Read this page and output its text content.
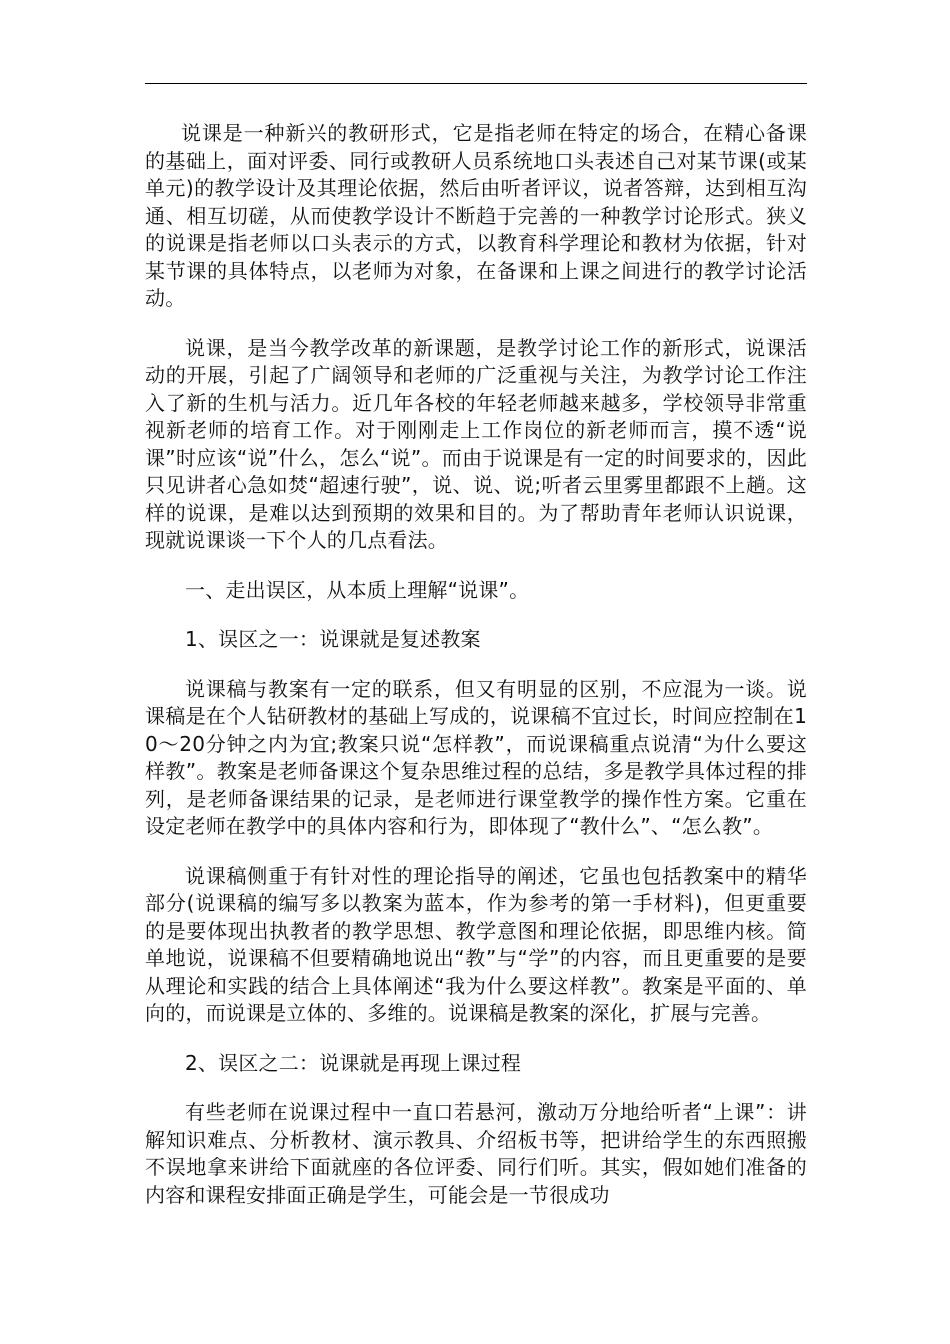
说课是一种新兴的教研形式，它是指老师在特定的场合，在精心备课的基础上，面对评委、同行或教研人员系统地口头表述自己对某节课(或某单元)的教学设计及其理论依据，然后由听者评议，说者答辩，达到相互沟通、相互切磋，从而使教学设计不断趋于完善的一种教学讨论形式。狭义的说课是指老师以口头表示的方式，以教育科学理论和教材为依据，针对某节课的具体特点，以老师为对象，在备课和上课之间进行的教学讨论活动。

说课，是当今教学改革的新课题，是教学讨论工作的新形式，说课活动的开展，引起了广阔领导和老师的广泛重视与关注，为教学讨论工作注入了新的生机与活力。近几年各校的年轻老师越来越多，学校领导非常重视新老师的培育工作。对于刚刚走上工作岗位的新老师而言，摸不透“说课”时应该“说”什么，怎么“说”。而由于说课是有一定的时间要求的，因此只见讲者心急如焚“超速行驶”，说、说、说;听者云里雾里都跟不上趟。这样的说课，是难以达到预期的效果和目的。为了帮助青年老师认识说课，现就说课谈一下个人的几点看法。

一、走出误区，从本质上理解“说课”。

1、误区之一：说课就是复述教案

说课稿与教案有一定的联系，但又有明显的区别，不应混为一谈。说课稿是在个人钻研教材的基础上写成的，说课稿不宜过长，时间应控制在10～20分钟之内为宜;教案只说“怎样教”，而说课稿重点说清“为什么要这样教”。教案是老师备课这个复杂思维过程的总结，多是教学具体过程的排列，是老师备课结果的记录，是老师进行课堂教学的操作性方案。它重在设定老师在教学中的具体内容和行为，即体现了“教什么”、“怎么教”。

说课稿侧重于有针对性的理论指导的阐述，它虽也包括教案中的精华部分(说课稿的编写多以教案为蓝本，作为参考的第一手材料)，但更重要的是要体现出执教者的教学思想、教学意图和理论依据，即思维内核。简单地说，说课稿不但要精确地说出“教”与“学”的内容，而且更重要的是要从理论和实践的结合上具体阐述“我为什么要这样教”。教案是平面的、单向的，而说课是立体的、多维的。说课稿是教案的深化，扩展与完善。

2、误区之二：说课就是再现上课过程

有些老师在说课过程中一直口若悬河，激动万分地给听者“上课”：讲解知识难点、分析教材、演示教具、介绍板书等，把讲给学生的东西照搬不误地拿来讲给下面就座的各位评委、同行们听。其实，假如她们准备的内容和课程安排面正确是学生，可能会是一节很成功
